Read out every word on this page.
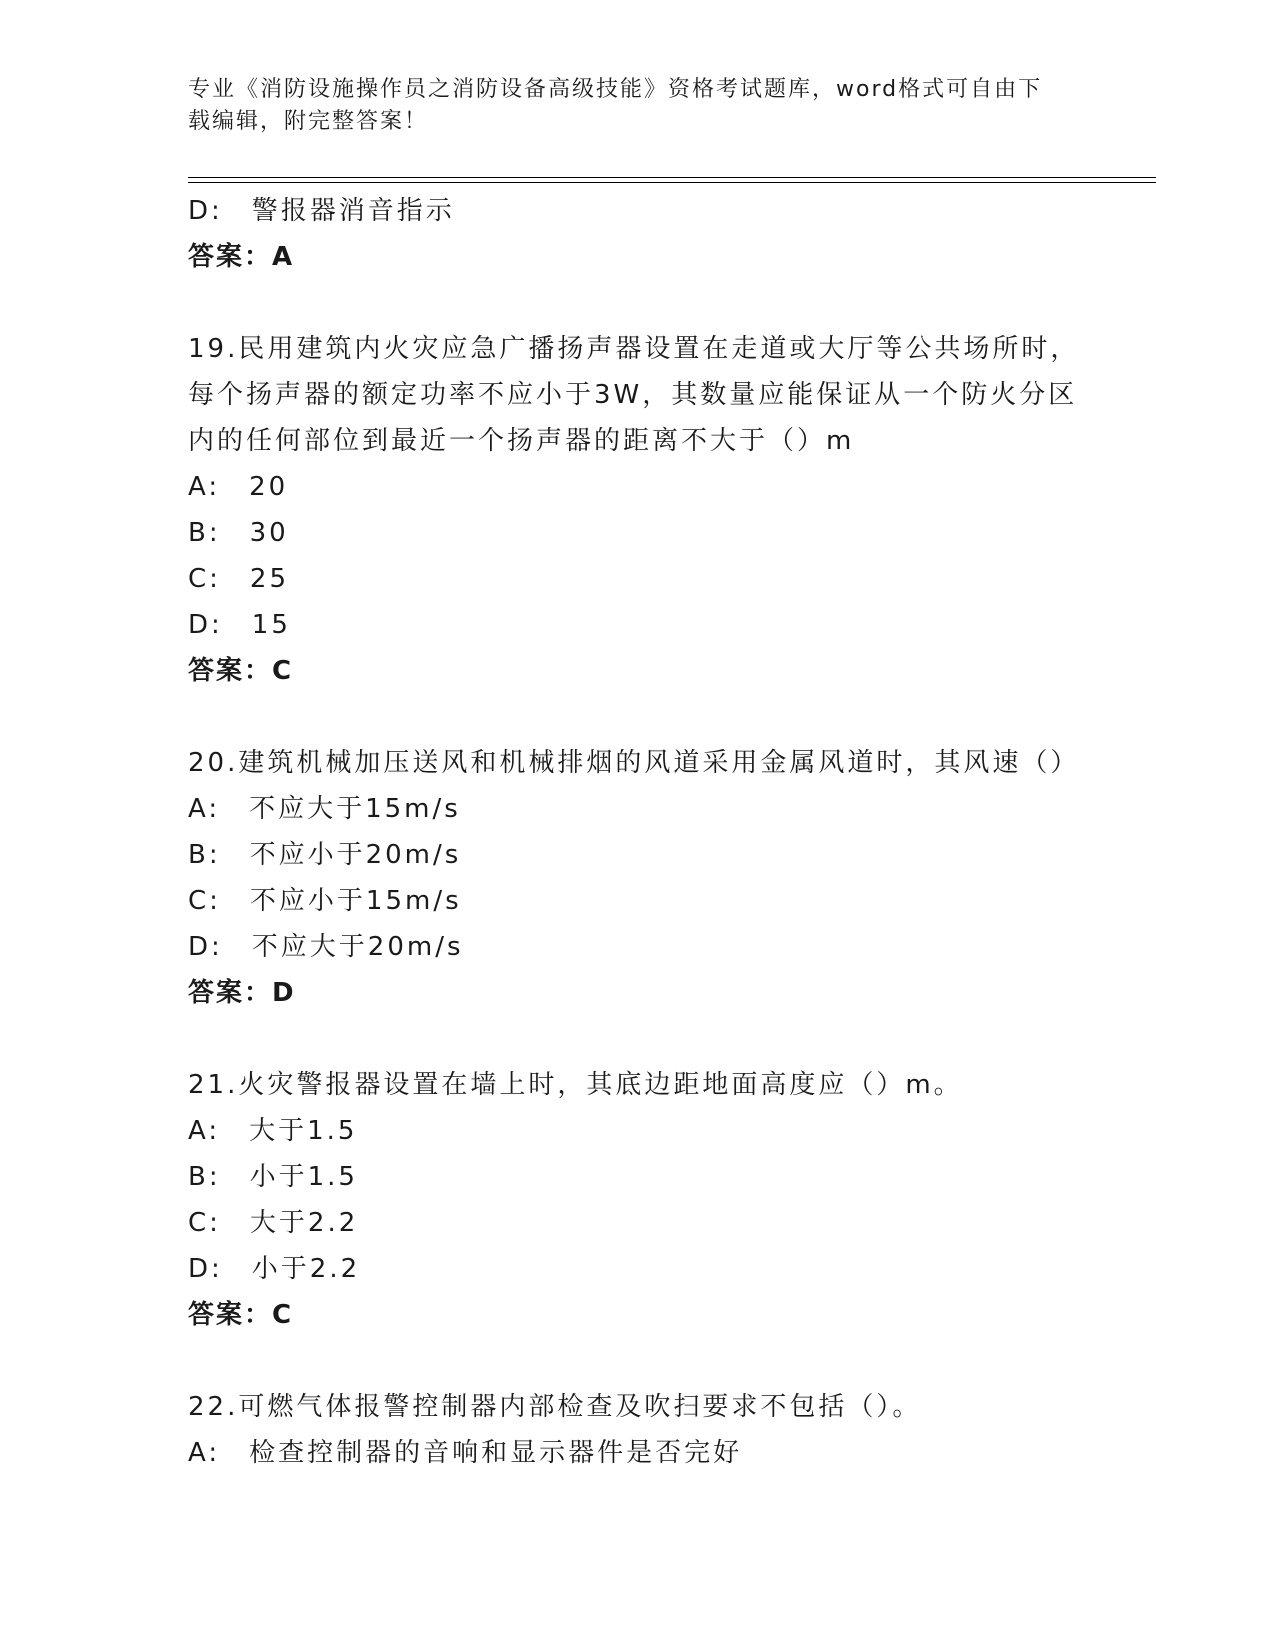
专业《消防设施操作员之消防设备高级技能》资格考试题库，word格式可自由下
载编辑，附完整答案！
D:　警报器消音指示
答案：A
19.民用建筑内火灾应急广播扬声器设置在走道或大厅等公共场所时，
每个扬声器的额定功率不应小于3W，其数量应能保证从一个防火分区
内的任何部位到最近一个扬声器的距离不大于（）m
A:　20
B:　30
C:　25
D:　15
答案：C
20.建筑机械加压送风和机械排烟的风道采用金属风道时，其风速（）
A:　不应大于15m/s
B:　不应小于20m/s
C:　不应小于15m/s
D:　不应大于20m/s
答案：D
21.火灾警报器设置在墙上时，其底边距地面高度应（）m。
A:　大于1.5
B:　小于1.5
C:　大于2.2
D:　小于2.2
答案：C
22.可燃气体报警控制器内部检查及吹扫要求不包括（）。
A:　检查控制器的音响和显示器件是否完好
